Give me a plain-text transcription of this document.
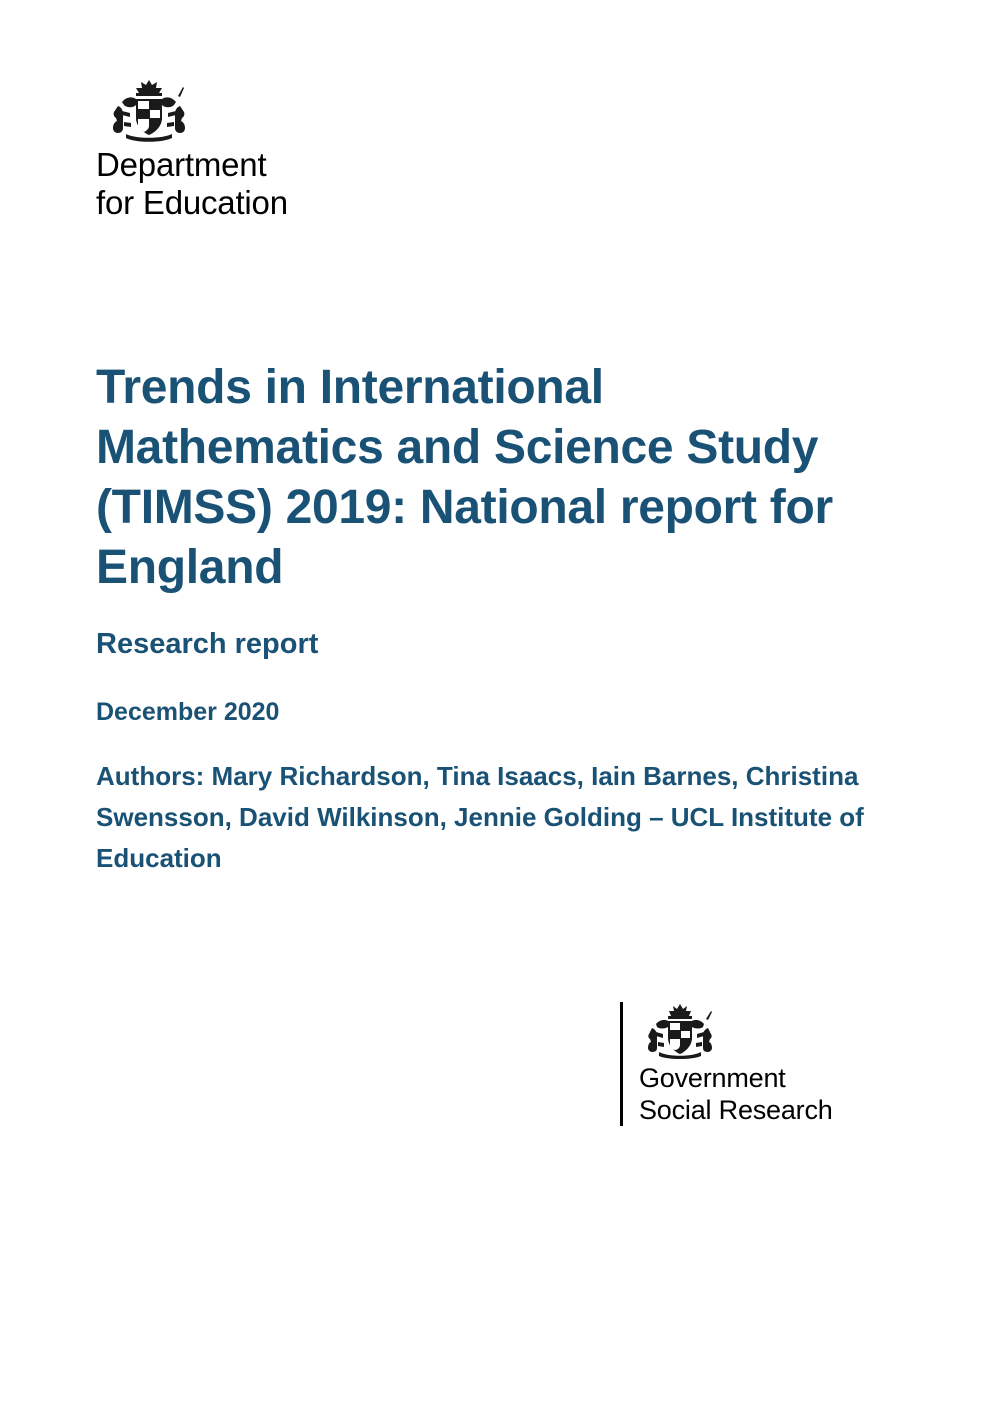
Department
for Education
Trends in International Mathematics and Science Study (TIMSS) 2019: National report for England

Research report

December 2020

Authors: Mary Richardson, Tina Isaacs, Iain Barnes, Christina Swensson, David Wilkinson, Jennie Golding – UCL Institute of Education

Government
Social Research
